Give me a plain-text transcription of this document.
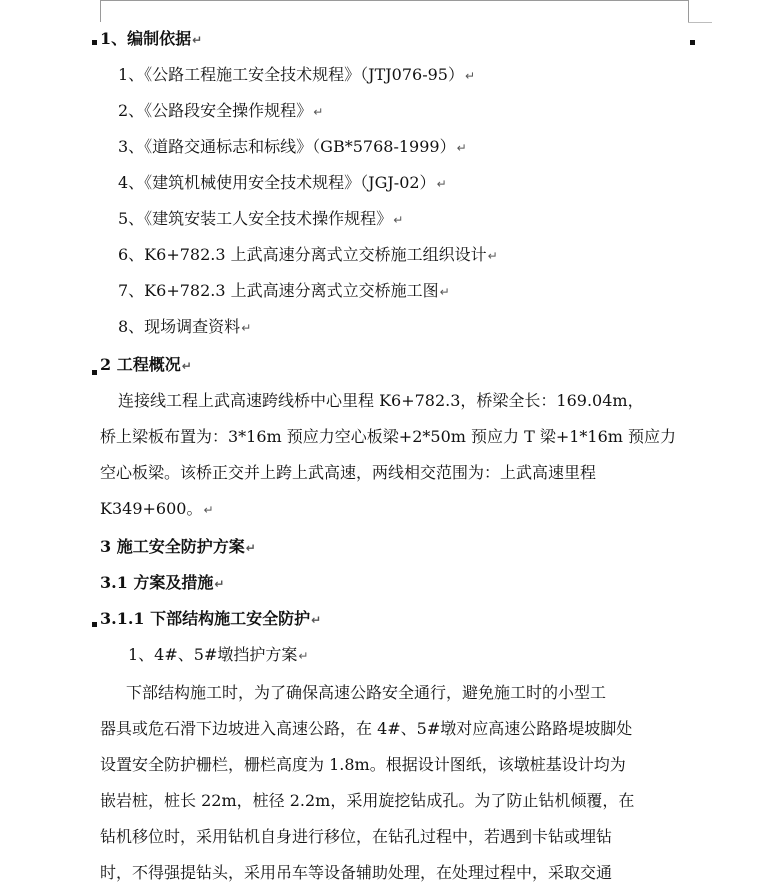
1、编制依据↵
1、《公路工程施工安全技术规程》（JTJ076-95）↵
2、《公路段安全操作规程》↵
3、《道路交通标志和标线》（GB*5768-1999）↵
4、《建筑机械使用安全技术规程》（JGJ-02）↵
5、《建筑安装工人安全技术操作规程》↵
6、K6+782.3 上武高速分离式立交桥施工组织设计↵
7、K6+782.3 上武高速分离式立交桥施工图↵
8、现场调查资料↵
2 工程概况↵
连接线工程上武高速跨线桥中心里程 K6+782.3，桥梁全长：169.04m，
桥上梁板布置为：3*16m 预应力空心板梁+2*50m 预应力 T 梁+1*16m 预应力
空心板梁。该桥正交并上跨上武高速，两线相交范围为：上武高速里程
K349+600。↵
3 施工安全防护方案↵
3.1 方案及措施↵
3.1.1 下部结构施工安全防护↵
1、4#、5#墩挡护方案↵
下部结构施工时，为了确保高速公路安全通行，避免施工时的小型工
器具或危石滑下边坡进入高速公路，在 4#、5#墩对应高速公路路堤坡脚处
设置安全防护栅栏，栅栏高度为 1.8m。根据设计图纸，该墩桩基设计均为
嵌岩桩，桩长 22m，桩径 2.2m，采用旋挖钻成孔。为了防止钻机倾覆，在
钻机移位时，采用钻机自身进行移位，在钻孔过程中，若遇到卡钻或埋钻
时，不得强提钻头，采用吊车等设备辅助处理，在处理过程中，采取交通
